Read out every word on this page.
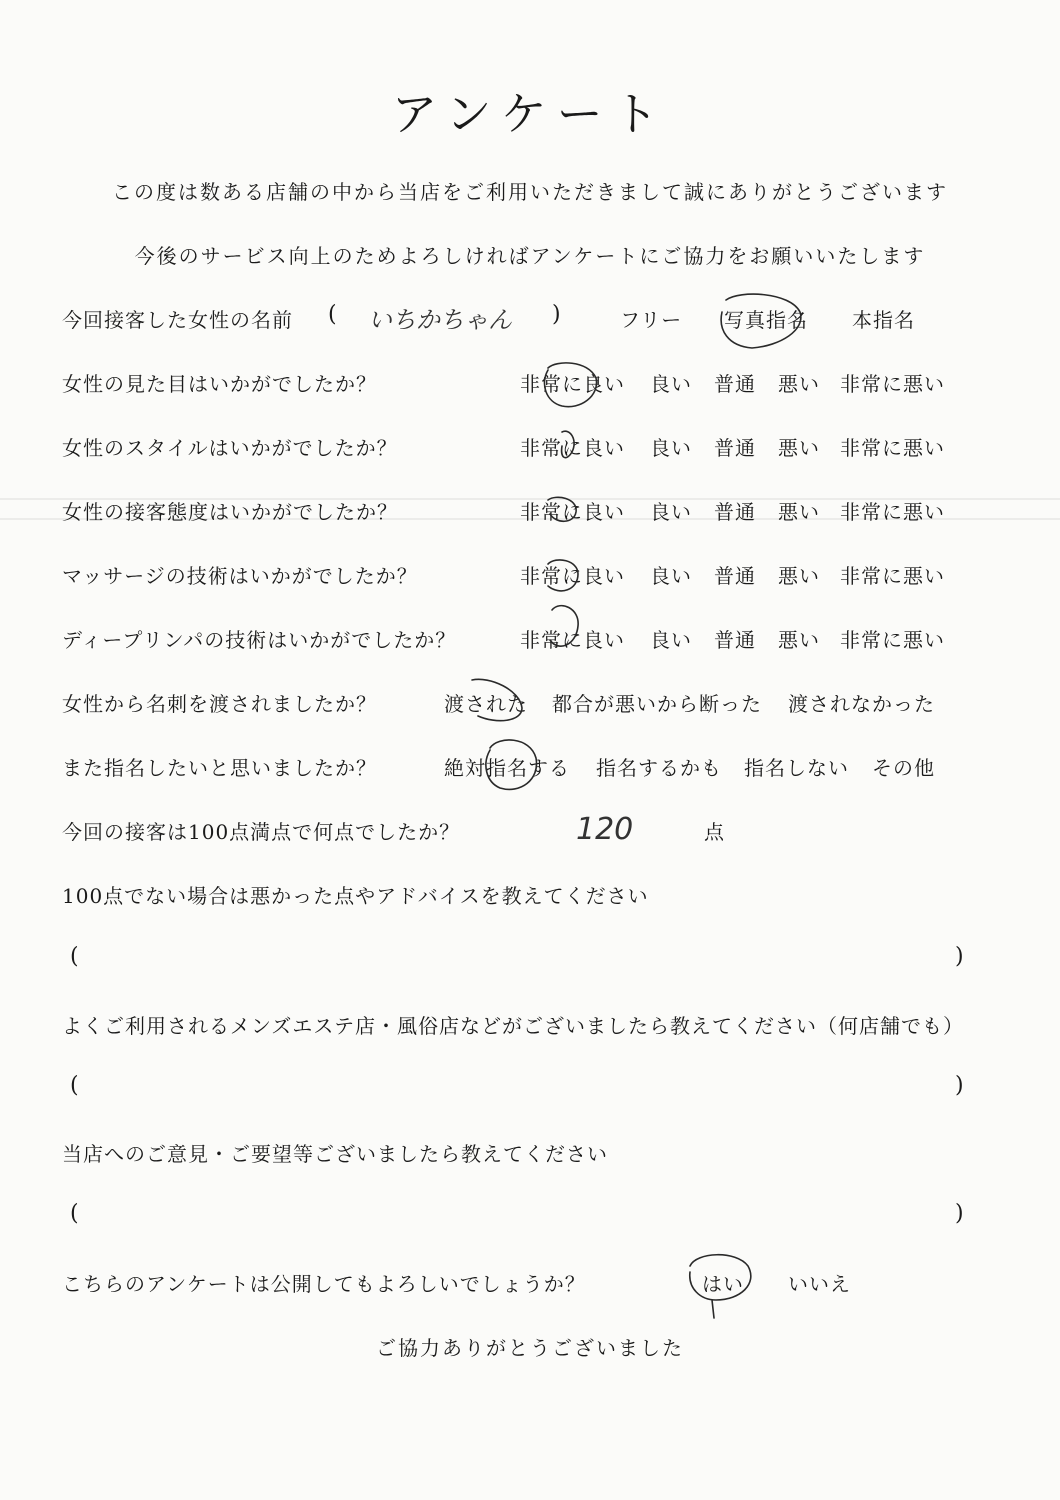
アンケート
この度は数ある店舗の中から当店をご利用いただきまして誠にありがとうございます
今後のサービス向上のためよろしければアンケートにご協力をお願いいたします
今回接客した女性の名前 ( いちかちゃん )	フリー 写真指名 本指名
女性の見た目はいかがでしたか？	非常に良い 良い 普通 悪い 非常に悪い
女性のスタイルはいかがでしたか？	非常に良い 良い 普通 悪い 非常に悪い
女性の接客態度はいかがでしたか？	非常に良い 良い 普通 悪い 非常に悪い
マッサージの技術はいかがでしたか？	非常に良い 良い 普通 悪い 非常に悪い
ディープリンパの技術はいかがでしたか？	非常に良い 良い 普通 悪い 非常に悪い
女性から名刺を渡されましたか？	渡された 都合が悪いから断った 渡されなかった
また指名したいと思いましたか？	絶対指名する 指名するかも 指名しない その他
今回の接客は100点満点で何点でしたか？	120	点
100点でない場合は悪かった点やアドバイスを教えてください
(	)
よくご利用されるメンズエステ店・風俗店などがございましたら教えてください（何店舗でも）
(	)
当店へのご意見・ご要望等ございましたら教えてください
(	)
こちらのアンケートは公開してもよろしいでしょうか？	はい いいえ
ご協力ありがとうございました
